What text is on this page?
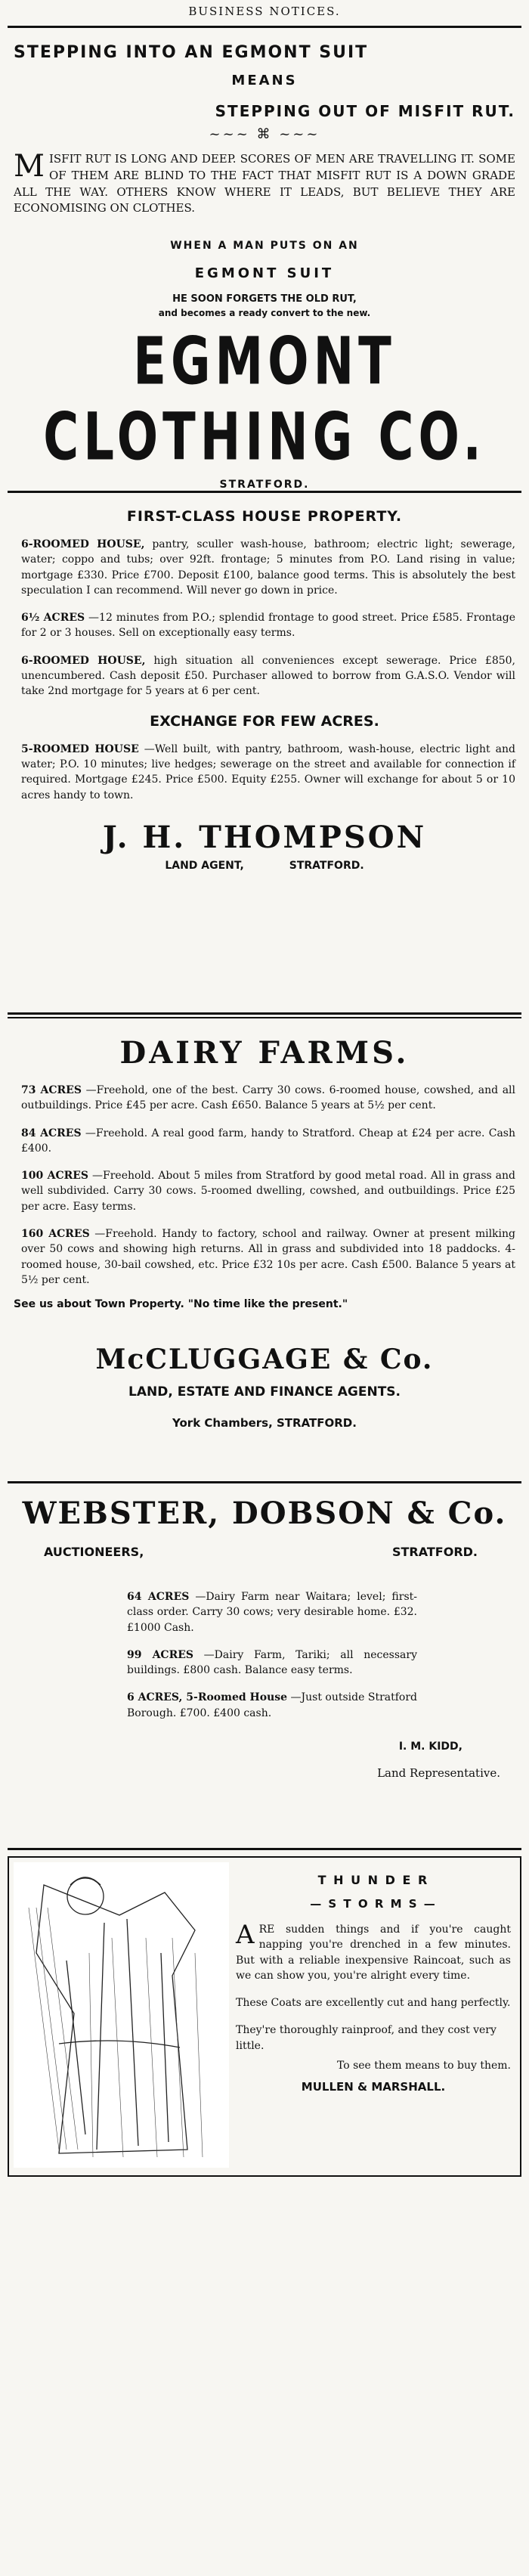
BUSINESS NOTICES.

STEPPING INTO AN EGMONT SUIT

MEANS

STEPPING OUT OF MISFIT RUT.

~~~ ⌘ ~~~
M ISFIT RUT IS LONG AND DEEP. SCORES OF MEN ARE TRAVELLING IT. SOME OF THEM ARE BLIND TO THE FACT THAT MISFIT RUT IS A DOWN GRADE ALL THE WAY. OTHERS KNOW WHERE IT LEADS, BUT BELIEVE THEY ARE ECONOMISING ON CLOTHES.

WHEN A MAN PUTS ON AN

EGMONT SUIT

HE SOON FORGETS THE OLD RUT,

and becomes a ready convert to the new.

EGMONT CLOTHING CO.

STRATFORD.

FIRST-CLASS HOUSE PROPERTY.

6-ROOMED HOUSE, pantry, sculler wash-house, bathroom; electric light; sewerage, water; coppo and tubs; over 92ft. frontage; 5 minutes from P.O. Land rising in value; mortgage £330. Price £700. Deposit £100, balance good terms. This is absolutely the best speculation I can recommend. Will never go down in price.
6½ ACRES —12 minutes from P.O.; splendid frontage to good street. Price £585. Frontage for 2 or 3 houses. Sell on exceptionally easy terms.
6-ROOMED HOUSE, high situation all conveniences except sewerage. Price £850, unencumbered. Cash deposit £50. Purchaser allowed to borrow from G.A.S.O. Vendor will take 2nd mortgage for 5 years at 6 per cent.

EXCHANGE FOR FEW ACRES.

5-ROOMED HOUSE —Well built, with pantry, bathroom, wash-house, electric light and water; P.O. 10 minutes; live hedges; sewerage on the street and available for connection if required. Mortgage £245. Price £500. Equity £255. Owner will exchange for about 5 or 10 acres handy to town.

J. H. THOMPSON

LAND AGENT,	STRATFORD.

DAIRY FARMS.

73 ACRES —Freehold, one of the best. Carry 30 cows. 6-roomed house, cowshed, and all outbuildings. Price £45 per acre. Cash £650. Balance 5 years at 5½ per cent.
84 ACRES —Freehold. A real good farm, handy to Stratford. Cheap at £24 per acre. Cash £400.
100 ACRES —Freehold. About 5 miles from Stratford by good metal road. All in grass and well subdivided. Carry 30 cows. 5-roomed dwelling, cowshed, and outbuildings. Price £25 per acre. Easy terms.
160 ACRES —Freehold. Handy to factory, school and railway. Owner at present milking over 50 cows and showing high returns. All in grass and subdivided into 18 paddocks. 4-roomed house, 30-bail cowshed, etc. Price £32 10s per acre. Cash £500. Balance 5 years at 5½ per cent.

See us about Town Property. "No time like the present."

McCLUGGAGE & Co.

LAND, ESTATE AND FINANCE AGENTS.

York Chambers, STRATFORD.

WEBSTER, DOBSON & Co.

AUCTIONEERS,	STRATFORD.
64 ACRES —Dairy Farm near Waitara; level; first-class order. Carry 30 cows; very desirable home. £32. £1000 Cash.
99 ACRES —Dairy Farm, Tariki; all necessary buildings. £800 cash. Balance easy terms.
6 ACRES, 5-Roomed House —Just outside Stratford Borough. £700. £400 cash.

I. M. KIDD,

Land Representative.

T H U N D E R

— S T O R M S —

A RE sudden things and if you're caught napping you're drenched in a few minutes. But with a reliable inexpensive Raincoat, such as we can show you, you're alright every time.

These Coats are excellently cut and hang perfectly.

They're thoroughly rainproof, and they cost very little.

To see them means to buy them.

MULLEN & MARSHALL.
